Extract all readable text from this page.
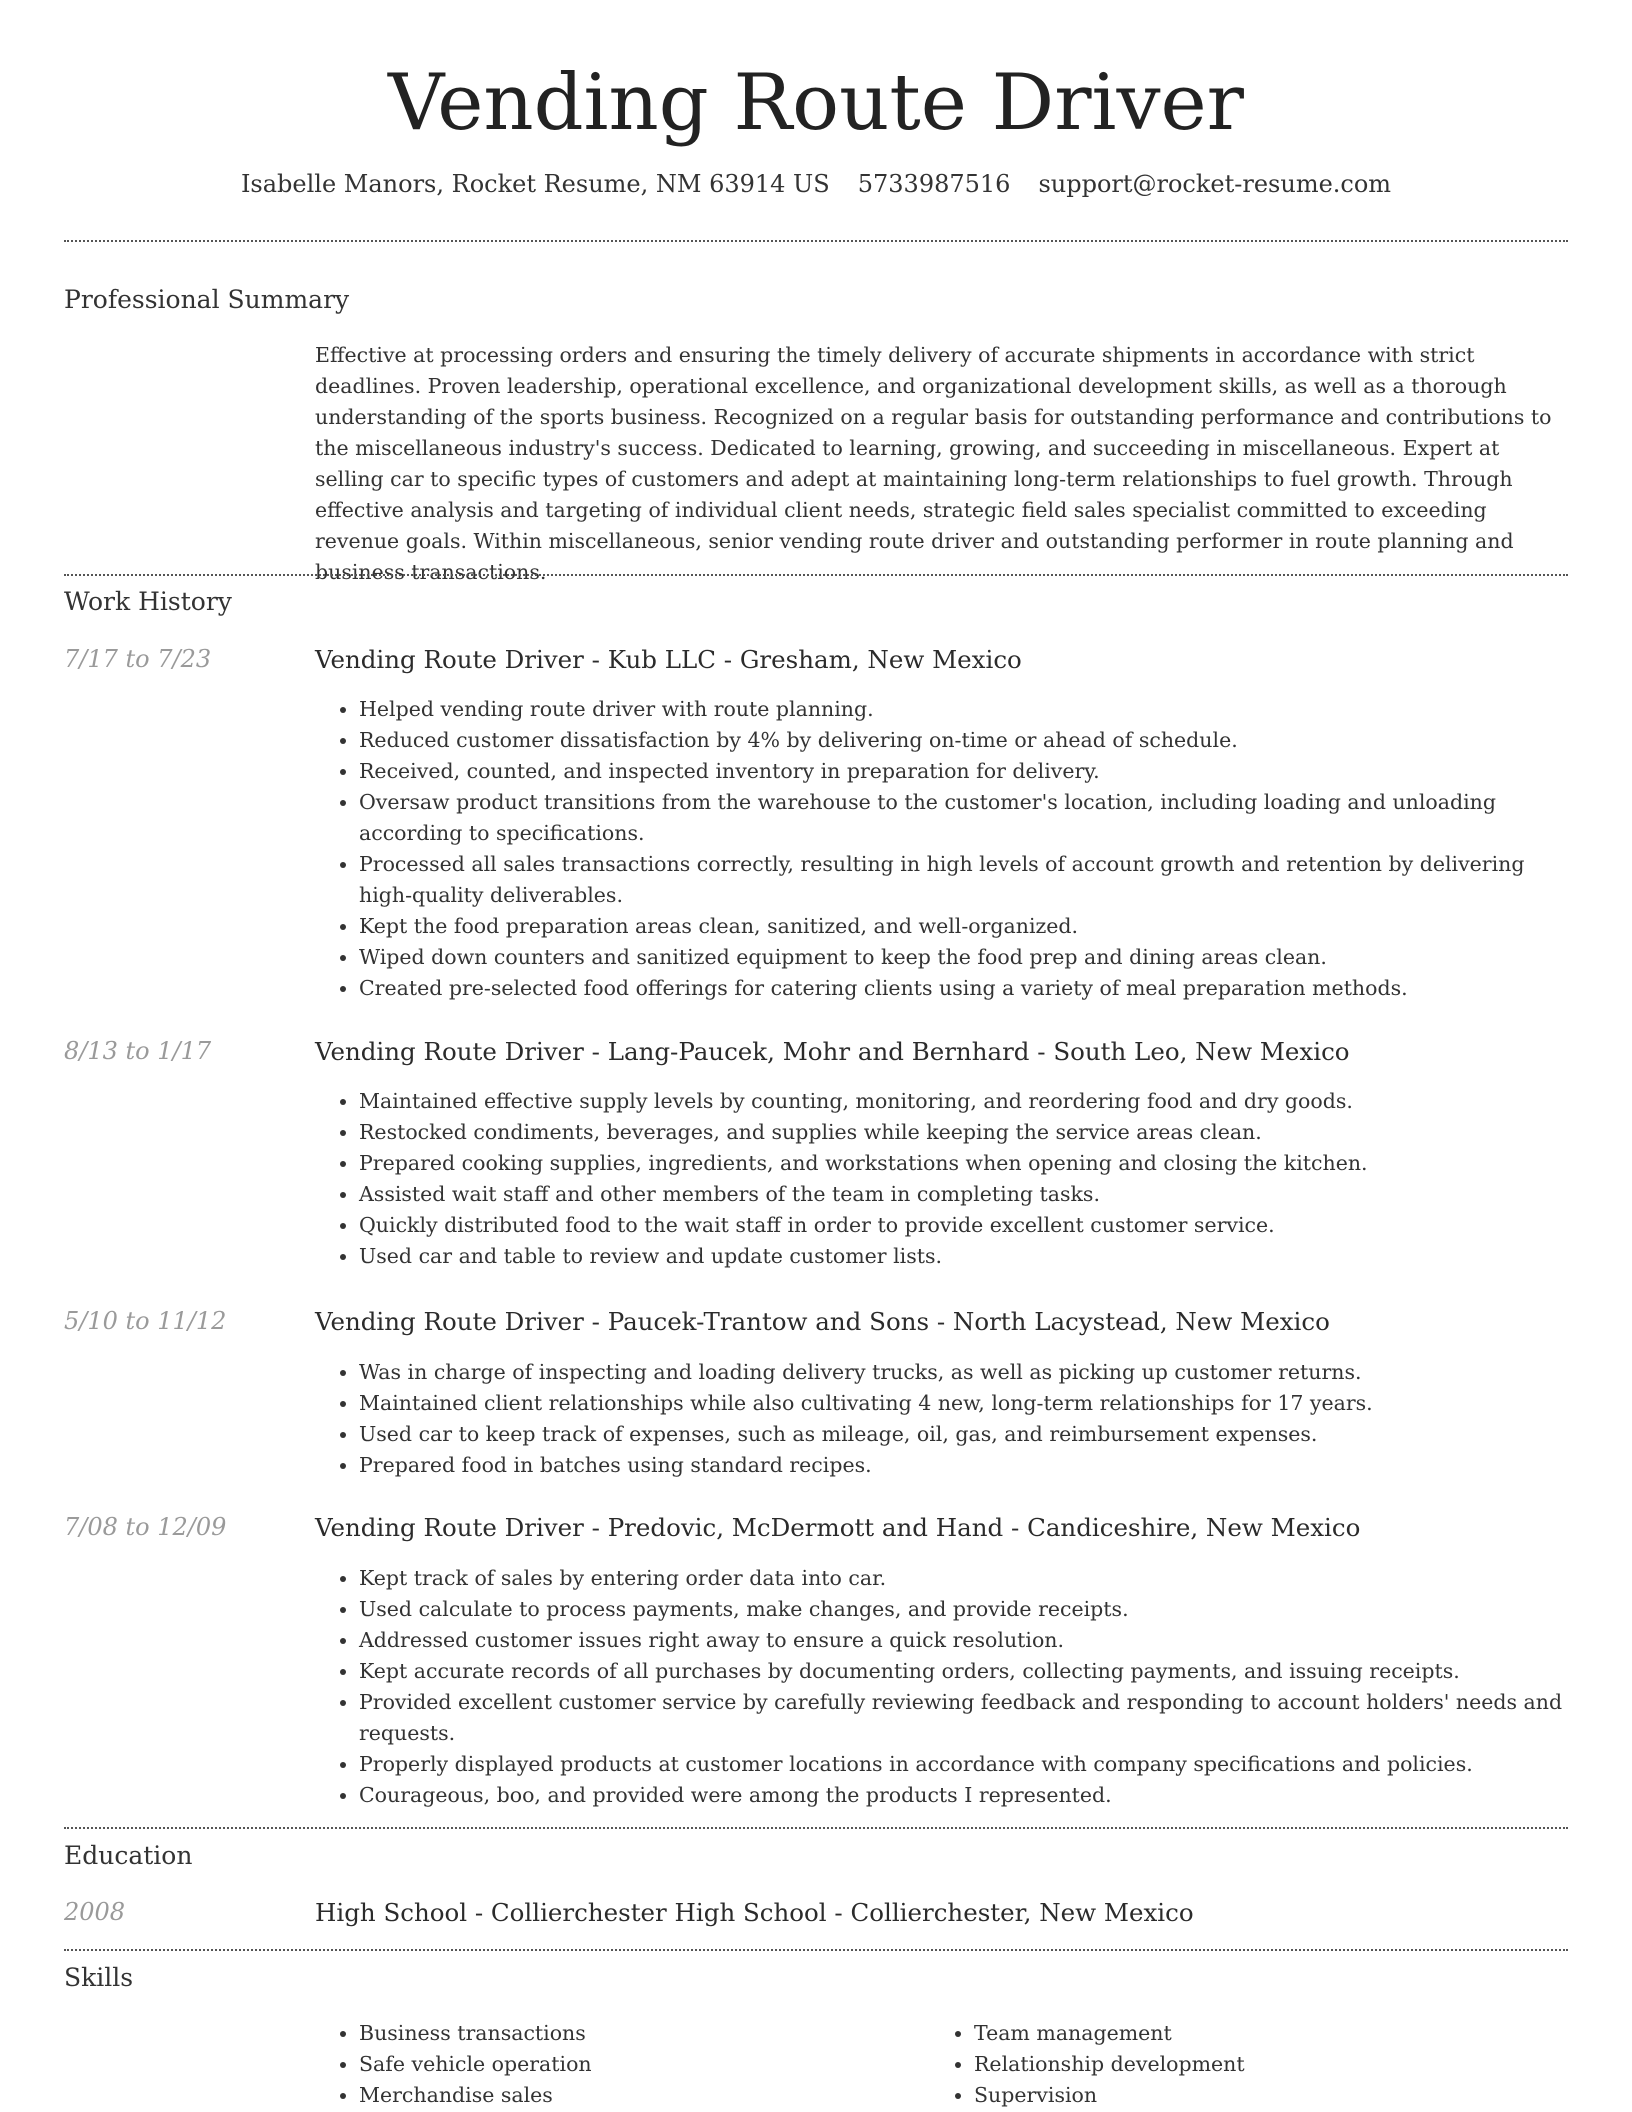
Vending Route Driver
Isabelle Manors, Rocket Resume, NM 63914 US 5733987516 support@rocket-resume.com
Professional Summary

Effective at processing orders and ensuring the timely delivery of accurate shipments in accordance with strict deadlines. Proven leadership, operational excellence, and organizational development skills, as well as a thorough understanding of the sports business. Recognized on a regular basis for outstanding performance and contributions to the miscellaneous industry's success. Dedicated to learning, growing, and succeeding in miscellaneous. Expert at selling car to specific types of customers and adept at maintaining long-term relationships to fuel growth. Through effective analysis and targeting of individual client needs, strategic field sales specialist committed to exceeding revenue goals. Within miscellaneous, senior vending route driver and outstanding performer in route planning and business transactions.

Work History
7/17 to 7/23	Vending Route Driver - Kub LLC - Gresham, New Mexico
• Helped vending route driver with route planning.
• Reduced customer dissatisfaction by 4% by delivering on-time or ahead of schedule.
• Received, counted, and inspected inventory in preparation for delivery.
• Oversaw product transitions from the warehouse to the customer's location, including loading and unloading according to specifications.
• Processed all sales transactions correctly, resulting in high levels of account growth and retention by delivering high-quality deliverables.
• Kept the food preparation areas clean, sanitized, and well-organized.
• Wiped down counters and sanitized equipment to keep the food prep and dining areas clean.
• Created pre-selected food offerings for catering clients using a variety of meal preparation methods.
8/13 to 1/17	Vending Route Driver - Lang-Paucek, Mohr and Bernhard - South Leo, New Mexico
• Maintained effective supply levels by counting, monitoring, and reordering food and dry goods.
• Restocked condiments, beverages, and supplies while keeping the service areas clean.
• Prepared cooking supplies, ingredients, and workstations when opening and closing the kitchen.
• Assisted wait staff and other members of the team in completing tasks.
• Quickly distributed food to the wait staff in order to provide excellent customer service.
• Used car and table to review and update customer lists.
5/10 to 11/12	Vending Route Driver - Paucek-Trantow and Sons - North Lacystead, New Mexico
• Was in charge of inspecting and loading delivery trucks, as well as picking up customer returns.
• Maintained client relationships while also cultivating 4 new, long-term relationships for 17 years.
• Used car to keep track of expenses, such as mileage, oil, gas, and reimbursement expenses.
• Prepared food in batches using standard recipes.
7/08 to 12/09	Vending Route Driver - Predovic, McDermott and Hand - Candiceshire, New Mexico
• Kept track of sales by entering order data into car.
• Used calculate to process payments, make changes, and provide receipts.
• Addressed customer issues right away to ensure a quick resolution.
• Kept accurate records of all purchases by documenting orders, collecting payments, and issuing receipts.
• Provided excellent customer service by carefully reviewing feedback and responding to account holders' needs and requests.
• Properly displayed products at customer locations in accordance with company specifications and policies.
• Courageous, boo, and provided were among the products I represented.
Education
2008	High School - Collierchester High School - Collierchester, New Mexico
Skills
• Business transactions
• Safe vehicle operation
• Merchandise sales
• Team management
• Relationship development
• Supervision
